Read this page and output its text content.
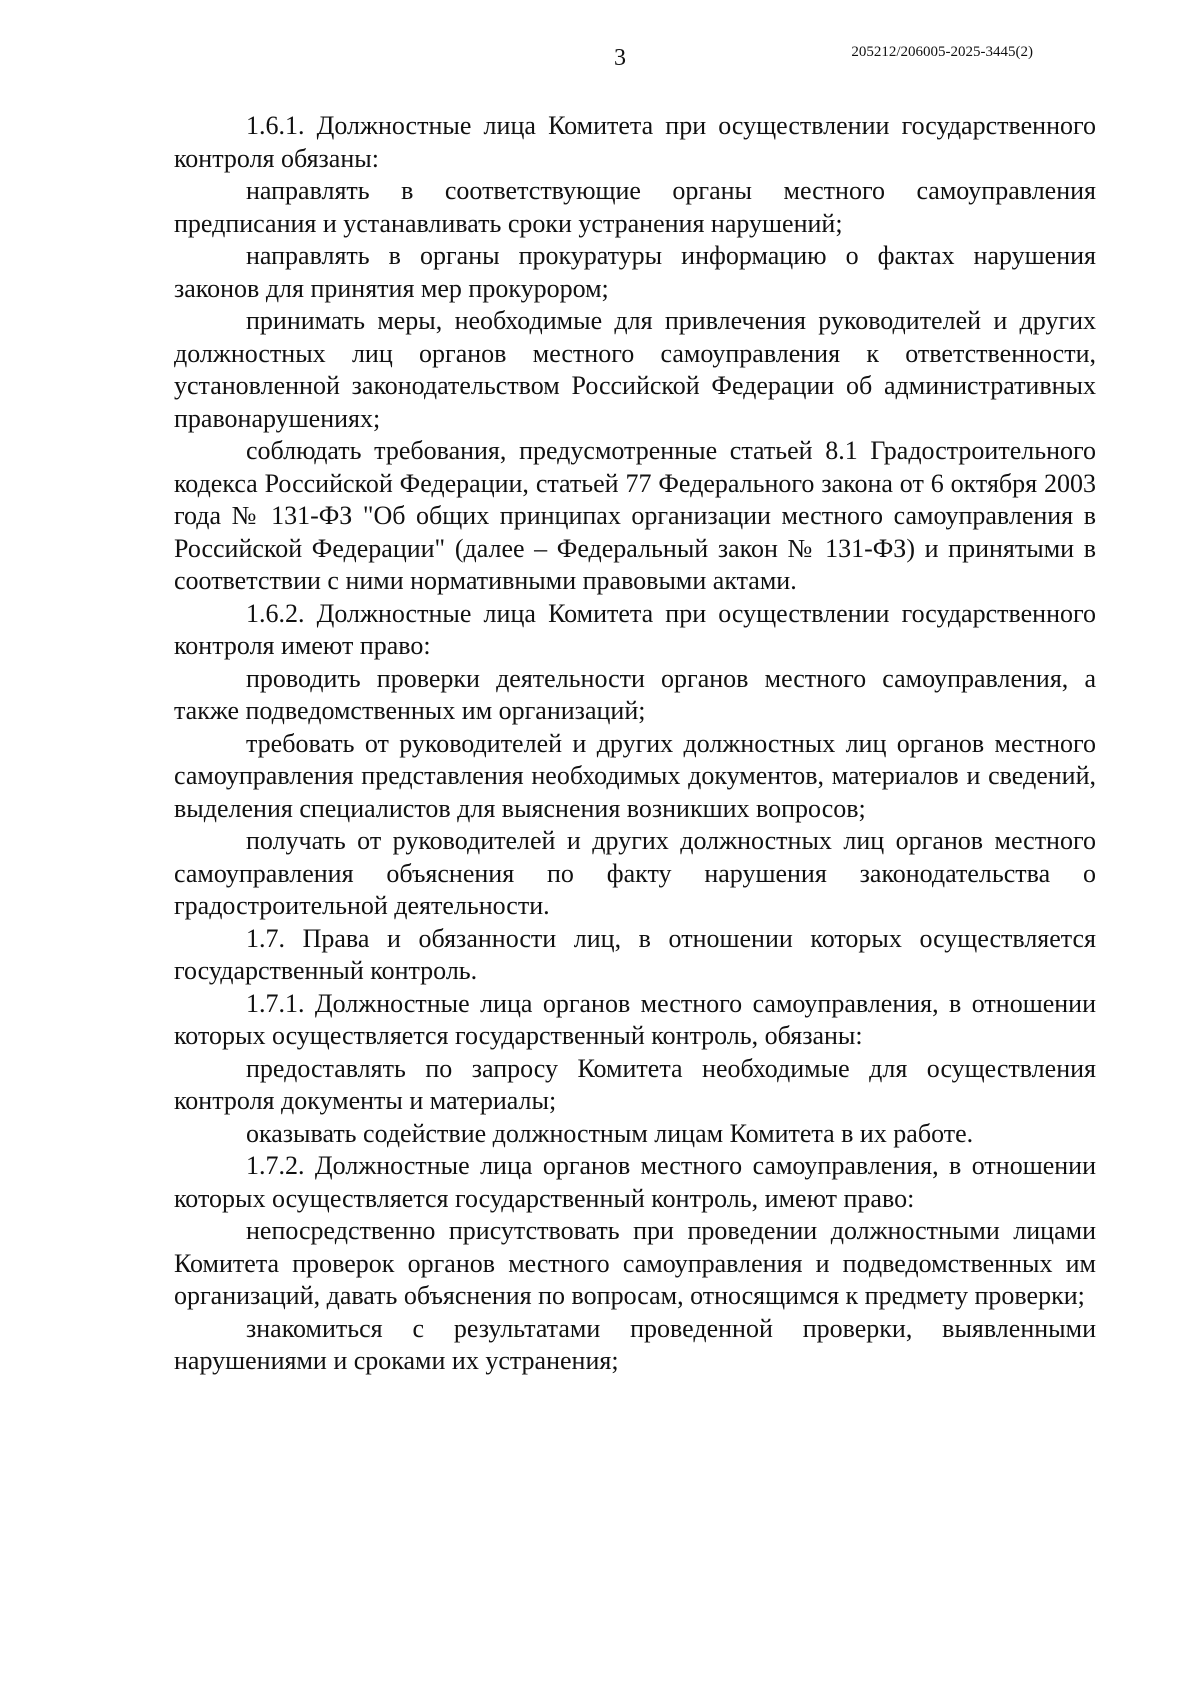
3	205212/206005-2025-3445(2)

1.6.1. Должностные лица Комитета при осуществлении государственного контроля обязаны:

направлять в соответствующие органы местного самоуправления предписания и устанавливать сроки устранения нарушений;

направлять в органы прокуратуры информацию о фактах нарушения законов для принятия мер прокурором;

принимать меры, необходимые для привлечения руководителей и других должностных лиц органов местного самоуправления к ответственности, установленной законодательством Российской Федерации об административных правонарушениях;

соблюдать требования, предусмотренные статьей 8.1 Градостроительного кодекса Российской Федерации, статьей 77 Федерального закона от 6 октября 2003 года № 131-ФЗ "Об общих принципах организации местного самоуправления в Российской Федерации" (далее – Федеральный закон № 131-ФЗ) и принятыми в соответствии с ними нормативными правовыми актами.

1.6.2. Должностные лица Комитета при осуществлении государственного контроля имеют право:

проводить проверки деятельности органов местного самоуправления, а также подведомственных им организаций;

требовать от руководителей и других должностных лиц органов местного самоуправления представления необходимых документов, материалов и сведений, выделения специалистов для выяснения возникших вопросов;

получать от руководителей и других должностных лиц органов местного самоуправления объяснения по факту нарушения законодательства о градостроительной деятельности.

1.7. Права и обязанности лиц, в отношении которых осуществляется государственный контроль.

1.7.1. Должностные лица органов местного самоуправления, в отношении которых осуществляется государственный контроль, обязаны:

предоставлять по запросу Комитета необходимые для осуществления контроля документы и материалы;

оказывать содействие должностным лицам Комитета в их работе.

1.7.2. Должностные лица органов местного самоуправления, в отношении которых осуществляется государственный контроль, имеют право:

непосредственно присутствовать при проведении должностными лицами Комитета проверок органов местного самоуправления и подведомственных им организаций, давать объяснения по вопросам, относящимся к предмету проверки;

знакомиться с результатами проведенной проверки, выявленными нарушениями и сроками их устранения;
